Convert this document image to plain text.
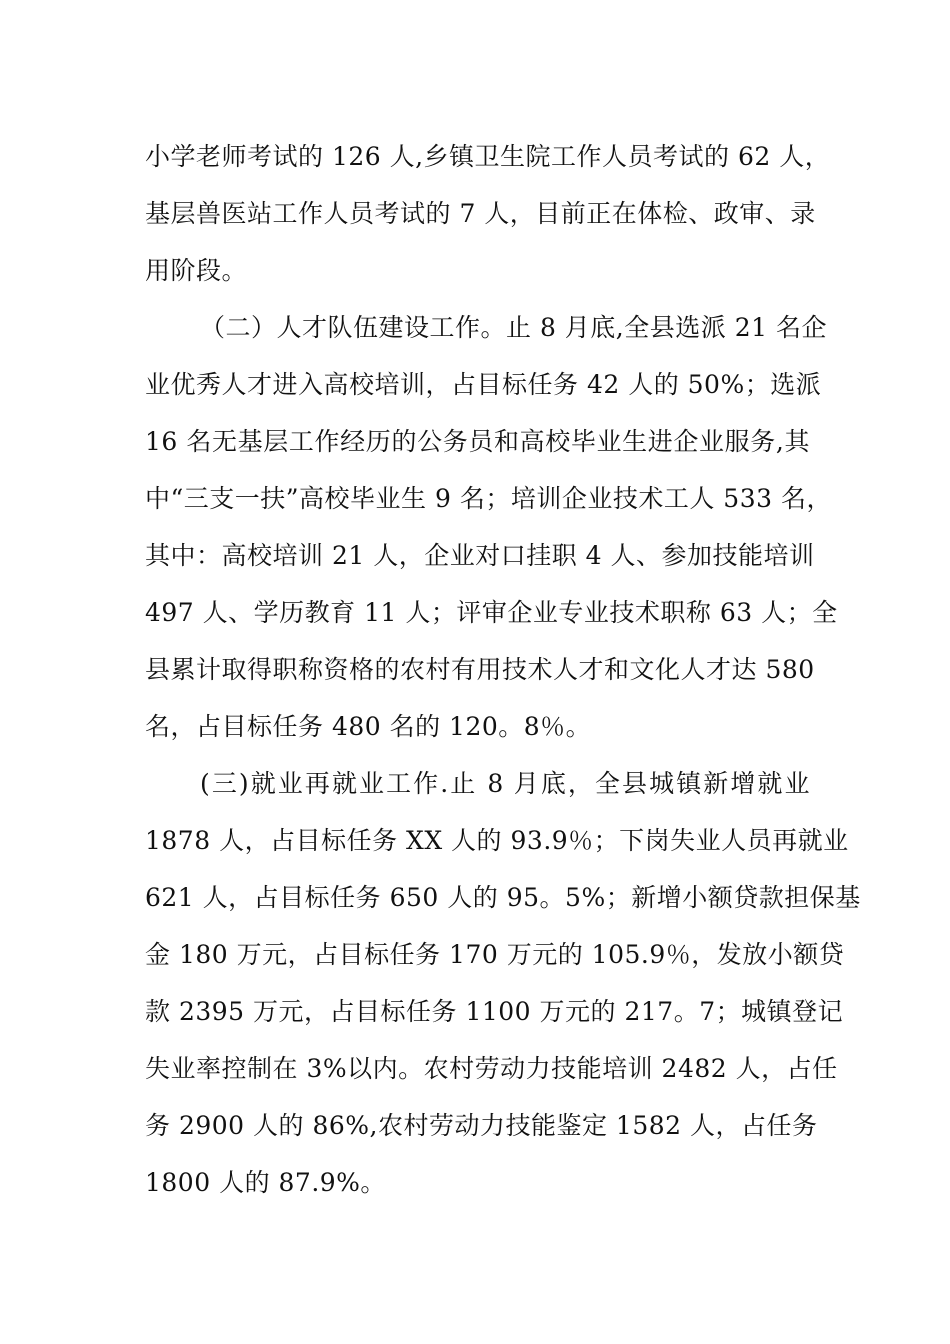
小学老师考试的 126 人,乡镇卫生院工作人员考试的 62 人，
基层兽医站工作人员考试的 7 人，目前正在体检、政审、录
用阶段。
（二）人才队伍建设工作。止 8 月底,全县选派 21 名企
业优秀人才进入高校培训，占目标任务 42 人的 50%；选派
16 名无基层工作经历的公务员和高校毕业生进企业服务,其
中“三支一扶”高校毕业生 9 名；培训企业技术工人 533 名，
其中：高校培训 21 人，企业对口挂职 4 人、参加技能培训
497 人、学历教育 11 人；评审企业专业技术职称 63 人；全
县累计取得职称资格的农村有用技术人才和文化人才达 580
名，占目标任务 480 名的 120。8％。
(三)就业再就业工作.止 8 月底，全县城镇新增就业
1878 人，占目标任务 XX 人的 93.9％；下岗失业人员再就业
621 人，占目标任务 650 人的 95。5%；新增小额贷款担保基
金 180 万元，占目标任务 170 万元的 105.9％，发放小额贷
款 2395 万元，占目标任务 1100 万元的 217。7；城镇登记
失业率控制在 3%以内。农村劳动力技能培训 2482 人，占任
务 2900 人的 86%,农村劳动力技能鉴定 1582 人，占任务
1800 人的 87.9%。
